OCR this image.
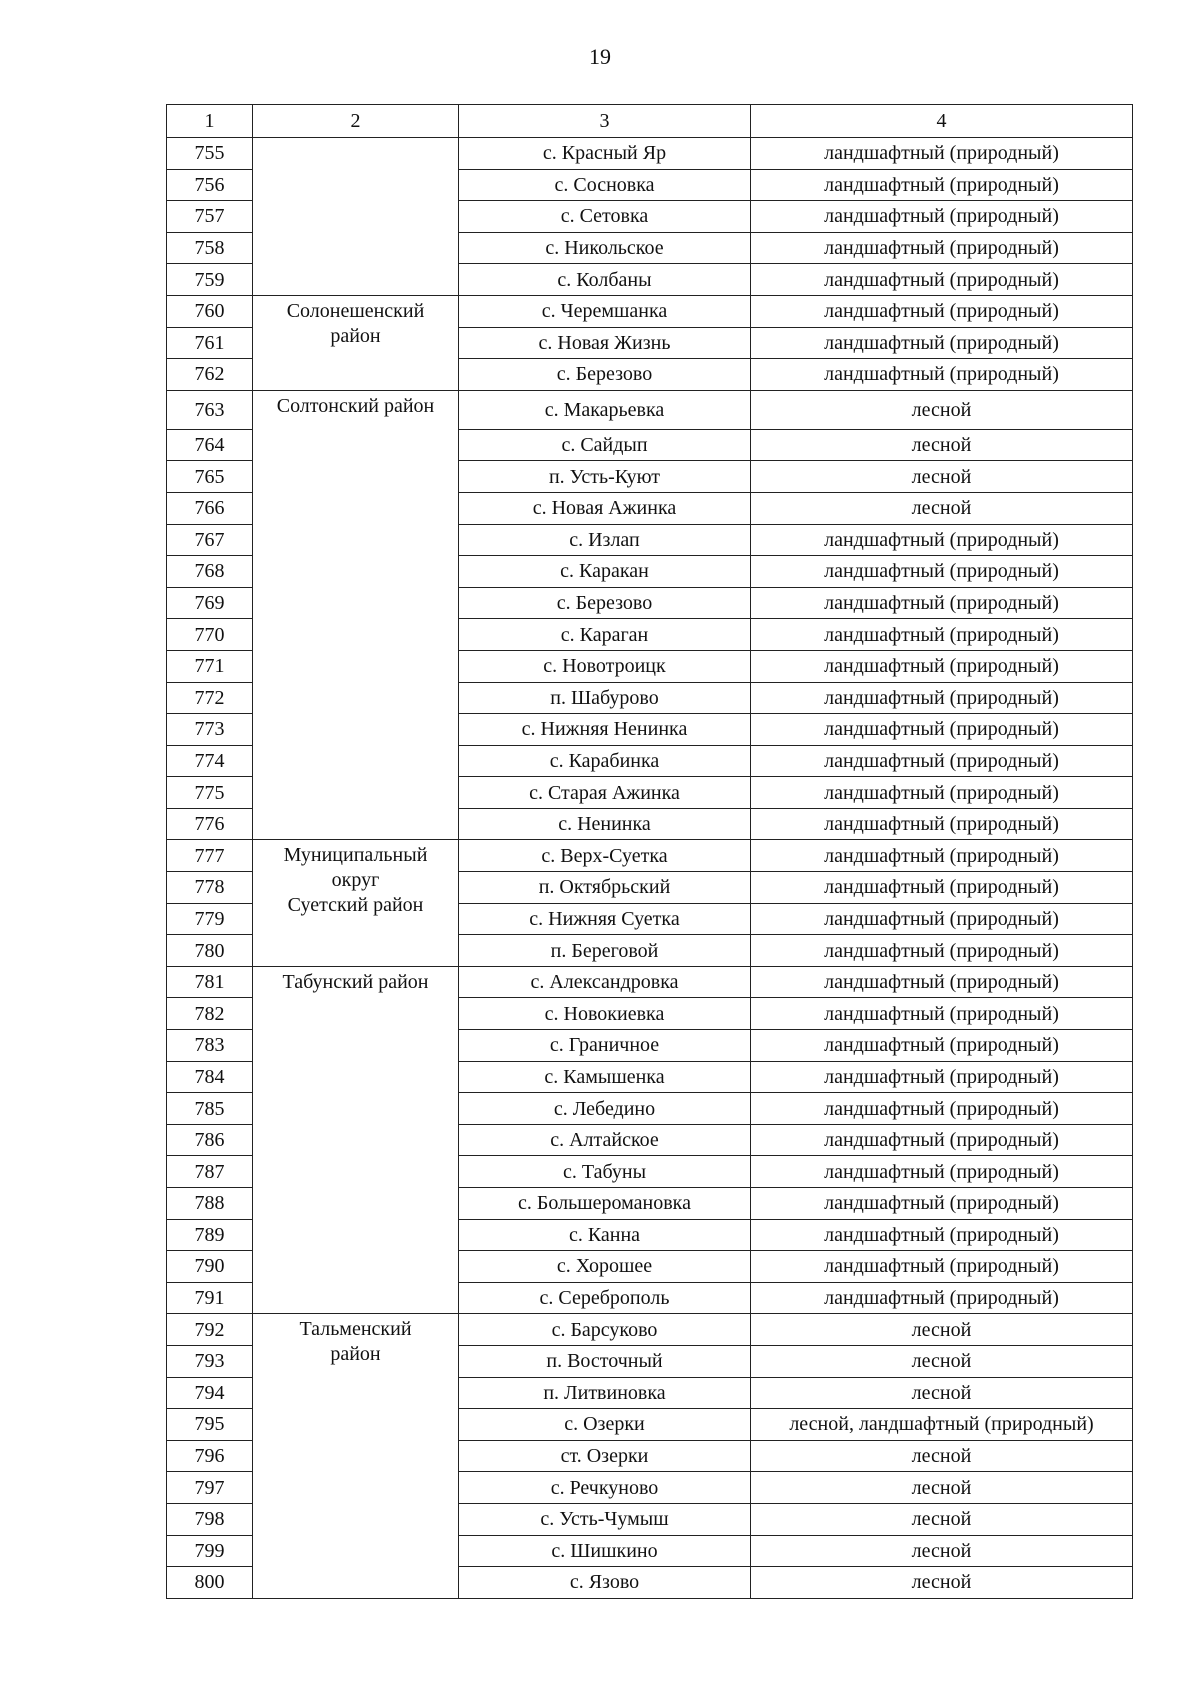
19
1	2	3	4
755		с. Красный Яр	ландшафтный (природный)
756		с. Сосновка	ландшафтный (природный)
757		с. Сетовка	ландшафтный (природный)
758		с. Никольское	ландшафтный (природный)
759		с. Колбаны	ландшафтный (природный)
760	Солонешенский
район	с. Черемшанка	ландшафтный (природный)
761		с. Новая Жизнь	ландшафтный (природный)
762		с. Березово	ландшафтный (природный)
763	Солтонский район	с. Макарьевка	лесной
764		с. Сайдып	лесной
765		п. Усть-Куют	лесной
766		с. Новая Ажинка	лесной
767		с. Излап	ландшафтный (природный)
768		с. Каракан	ландшафтный (природный)
769		с. Березово	ландшафтный (природный)
770		с. Караган	ландшафтный (природный)
771		с. Новотроицк	ландшафтный (природный)
772		п. Шабурово	ландшафтный (природный)
773		с. Нижняя Ненинка	ландшафтный (природный)
774		с. Карабинка	ландшафтный (природный)
775		с. Старая Ажинка	ландшафтный (природный)
776		с. Ненинка	ландшафтный (природный)
777	Муниципальный
округ
Суетский район	с. Верх-Суетка	ландшафтный (природный)
778		п. Октябрьский	ландшафтный (природный)
779		с. Нижняя Суетка	ландшафтный (природный)
780		п. Береговой	ландшафтный (природный)
781	Табунский район	с. Александровка	ландшафтный (природный)
782		с. Новокиевка	ландшафтный (природный)
783		с. Граничное	ландшафтный (природный)
784		с. Камышенка	ландшафтный (природный)
785		с. Лебедино	ландшафтный (природный)
786		с. Алтайское	ландшафтный (природный)
787		с. Табуны	ландшафтный (природный)
788		с. Большеромановка	ландшафтный (природный)
789		с. Канна	ландшафтный (природный)
790		с. Хорошее	ландшафтный (природный)
791		с. Сереброполь	ландшафтный (природный)
792	Тальменский
район	с. Барсуково	лесной
793		п. Восточный	лесной
794		п. Литвиновка	лесной
795		с. Озерки	лесной, ландшафтный (природный)
796		ст. Озерки	лесной
797		с. Речкуново	лесной
798		с. Усть-Чумыш	лесной
799		с. Шишкино	лесной
800		с. Язово	лесной
